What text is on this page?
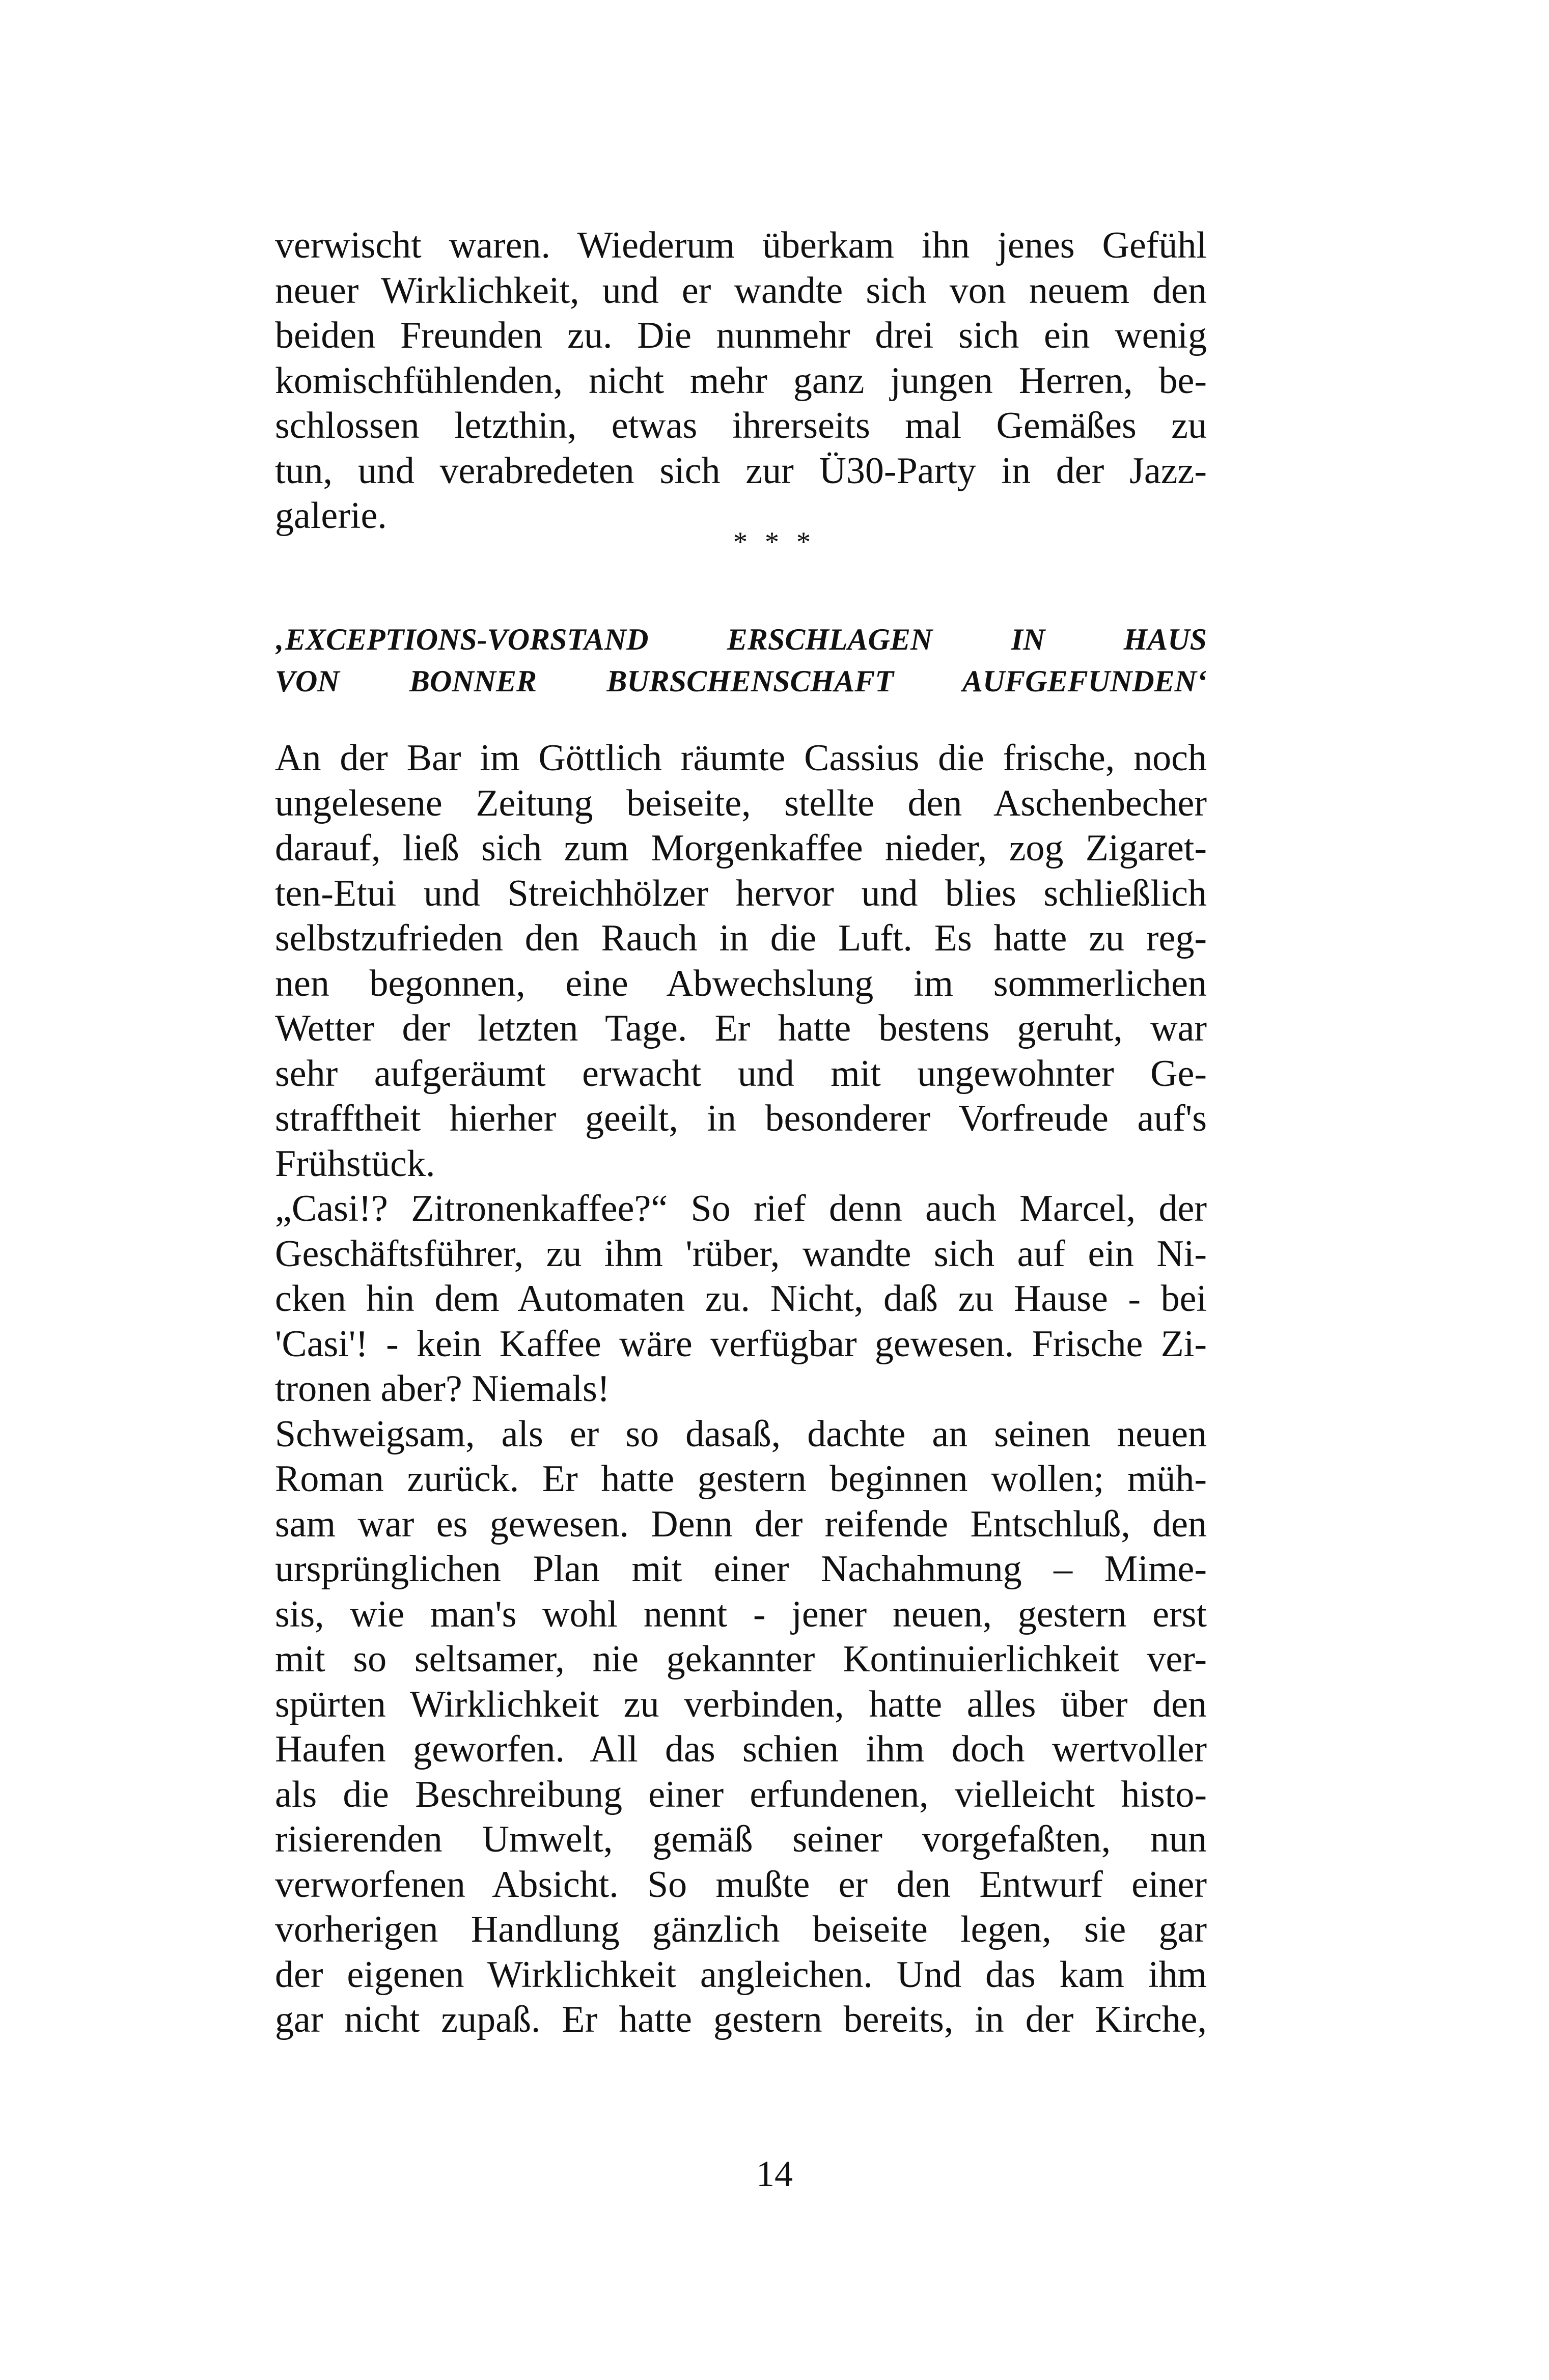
verwischt waren. Wiederum überkam ihn jenes Gefühl
neuer Wirklichkeit, und er wandte sich von neuem den
beiden Freunden zu. Die nunmehr drei sich ein wenig
komischfühlenden, nicht mehr ganz jungen Herren, be-
schlossen letzthin, etwas ihrerseits mal Gemäßes zu
tun, und verabredeten sich zur Ü30-Party in der Jazz-
galerie.
* * *
‚EXCEPTIONS-VORSTAND ERSCHLAGEN IN HAUS
VON BONNER BURSCHENSCHAFT AUFGEFUNDEN‘
An der Bar im Göttlich räumte Cassius die frische, noch
ungelesene Zeitung beiseite, stellte den Aschenbecher
darauf, ließ sich zum Morgenkaffee nieder, zog Zigaret-
ten-Etui und Streichhölzer hervor und blies schließlich
selbstzufrieden den Rauch in die Luft. Es hatte zu reg-
nen begonnen, eine Abwechslung im sommerlichen
Wetter der letzten Tage. Er hatte bestens geruht, war
sehr aufgeräumt erwacht und mit ungewohnter Ge-
strafftheit hierher geeilt, in besonderer Vorfreude auf's
Frühstück.
„Casi!? Zitronenkaffee?“ So rief denn auch Marcel, der
Geschäftsführer, zu ihm 'rüber, wandte sich auf ein Ni-
cken hin dem Automaten zu. Nicht, daß zu Hause - bei
'Casi'! - kein Kaffee wäre verfügbar gewesen. Frische Zi-
tronen aber? Niemals!
Schweigsam, als er so dasaß, dachte an seinen neuen
Roman zurück. Er hatte gestern beginnen wollen; müh-
sam war es gewesen. Denn der reifende Entschluß, den
ursprünglichen Plan mit einer Nachahmung – Mime-
sis, wie man's wohl nennt - jener neuen, gestern erst
mit so seltsamer, nie gekannter Kontinuierlichkeit ver-
spürten Wirklichkeit zu verbinden, hatte alles über den
Haufen geworfen. All das schien ihm doch wertvoller
als die Beschreibung einer erfundenen, vielleicht histo-
risierenden Umwelt, gemäß seiner vorgefaßten, nun
verworfenen Absicht. So mußte er den Entwurf einer
vorherigen Handlung gänzlich beiseite legen, sie gar
der eigenen Wirklichkeit angleichen. Und das kam ihm
gar nicht zupaß. Er hatte gestern bereits, in der Kirche,
14
